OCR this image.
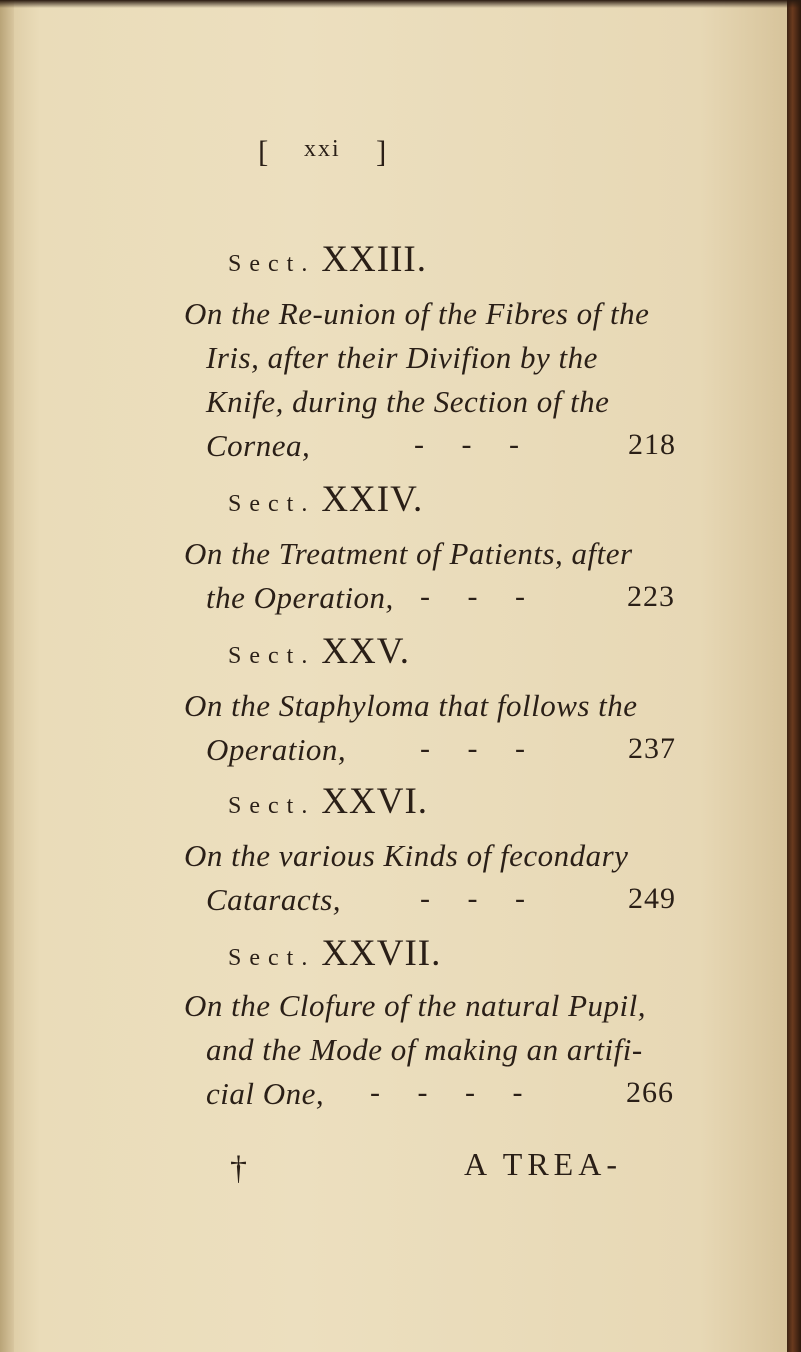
[ xxi ]
Sect. XXIII.
On the Re-union of the Fibres of the
Iris, after their Divifion by the
Knife, during the Section of the
Cornea,	- - -	218
Sect. XXIV.
On the Treatment of Patients, after
the Operation, - - -	223
Sect. XXV.
On the Staphyloma that follows the
Operation, - - -	237
Sect. XXVI.
On the various Kinds of fecondary
Cataracts,	- - -	249
Sect. XXVII.
On the Clofure of the natural Pupil,
and the Mode of making an artifi-
cial One, - - - -	266
†	A TREA-
